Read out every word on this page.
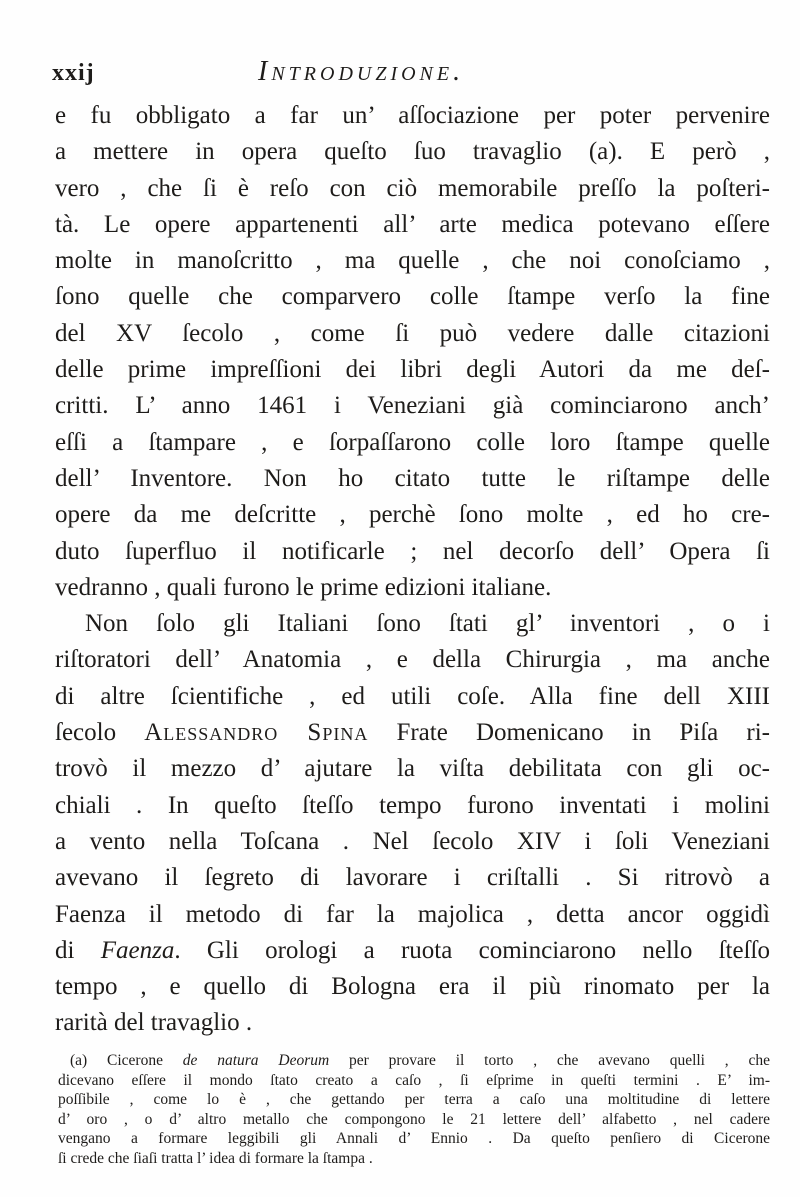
xxij	Introduzione.
e fu obbligato a far un’ aſſociazione per poter pervenire
a mettere in opera queſto ſuo travaglio (a). E però ,
vero , che ſi è reſo con ciò memorabile preſſo la poſteri-
tà. Le opere appartenenti all’ arte medica potevano eſſere
molte in manoſcritto , ma quelle , che noi conoſciamo ,
ſono quelle che comparvero colle ſtampe verſo la fine
del XV ſecolo , come ſi può vedere dalle citazioni
delle prime impreſſioni dei libri degli Autori da me deſ-
critti. L’ anno 1461 i Veneziani già cominciarono anch’
eſſi a ſtampare , e ſorpaſſarono colle loro ſtampe quelle
dell’ Inventore. Non ho citato tutte le riſtampe delle
opere da me deſcritte , perchè ſono molte , ed ho cre-
duto ſuperfluo il notificarle ; nel decorſo dell’ Opera ſi
vedranno , quali furono le prime edizioni italiane.
Non ſolo gli Italiani ſono ſtati gl’ inventori , o i
riſtoratori dell’ Anatomia , e della Chirurgia , ma anche
di altre ſcientifiche , ed utili coſe. Alla fine dell XIII
ſecolo Alessandro Spina Frate Domenicano in Piſa ri-
trovò il mezzo d’ ajutare la viſta debilitata con gli oc-
chiali . In queſto ſteſſo tempo furono inventati i molini
a vento nella Toſcana . Nel ſecolo XIV i ſoli Veneziani
avevano il ſegreto di lavorare i criſtalli . Si ritrovò a
Faenza il metodo di far la majolica , detta ancor oggidì
di Faenza. Gli orologi a ruota cominciarono nello ſteſſo
tempo , e quello di Bologna era il più rinomato per la
rarità del travaglio .
(a) Cicerone de natura Deorum per provare il torto , che avevano quelli , che
dicevano eſſere il mondo ſtato creato a caſo , ſi eſprime in queſti termini . E’ im-
poſſibile , come lo è , che gettando per terra a caſo una moltitudine di lettere
d’ oro , o d’ altro metallo che compongono le 21 lettere dell’ alfabetto , nel cadere
vengano a formare leggibili gli Annali d’ Ennio . Da queſto penſiero di Cicerone
ſi crede che ſiaſi tratta l’ idea di formare la ſtampa .
